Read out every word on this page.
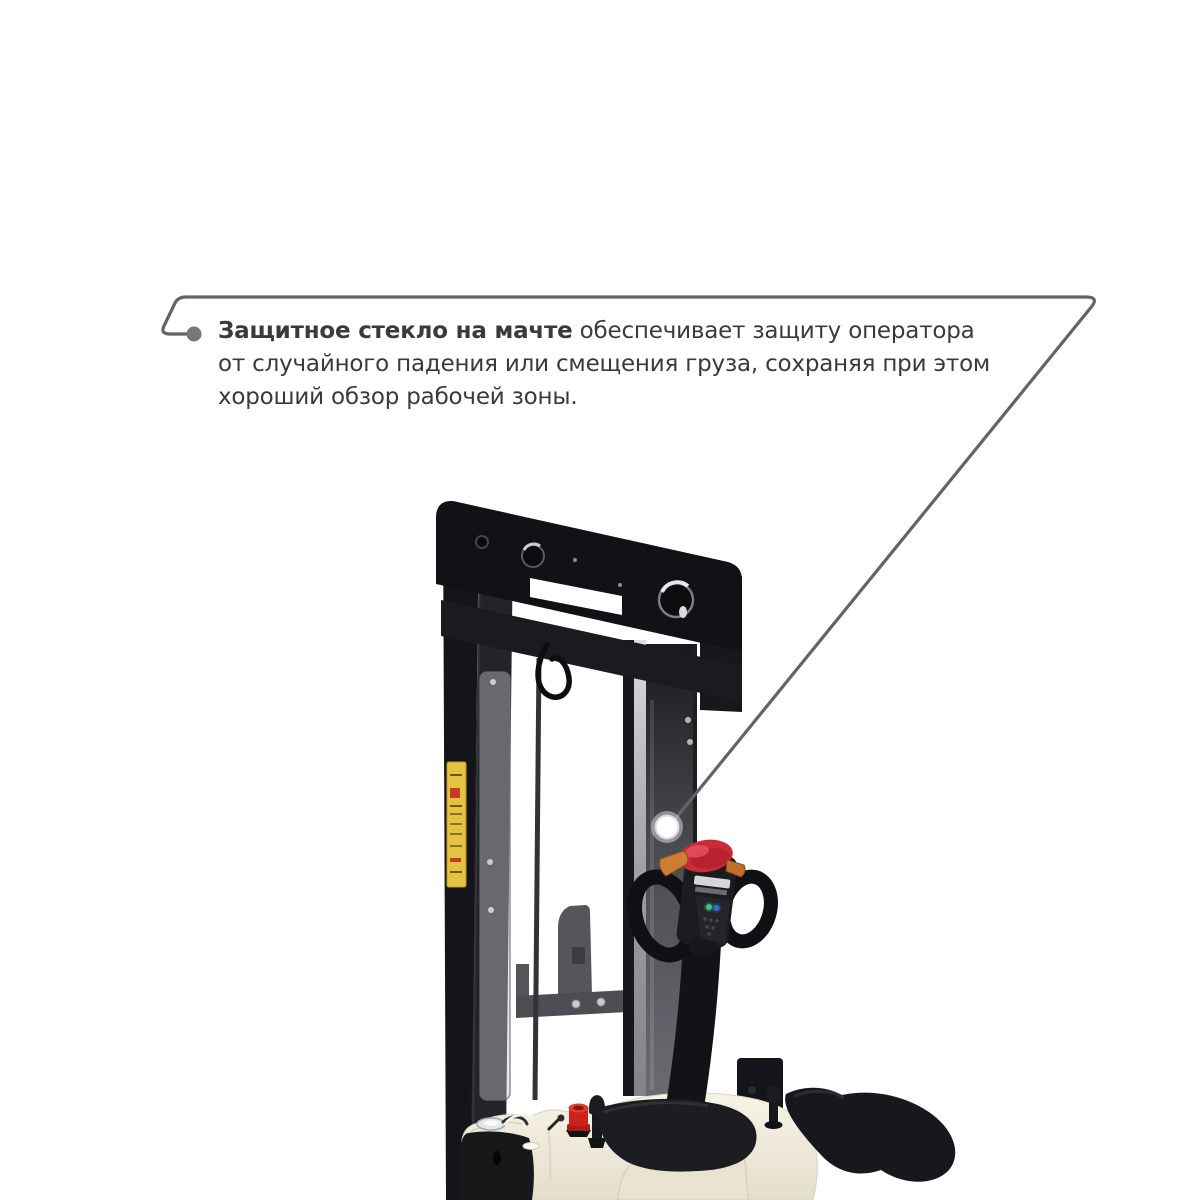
Защитное стекло на мачте обеспечивает защиту оператора
от случайного падения или смещения груза, сохраняя при этом
хороший обзор рабочей зоны.
